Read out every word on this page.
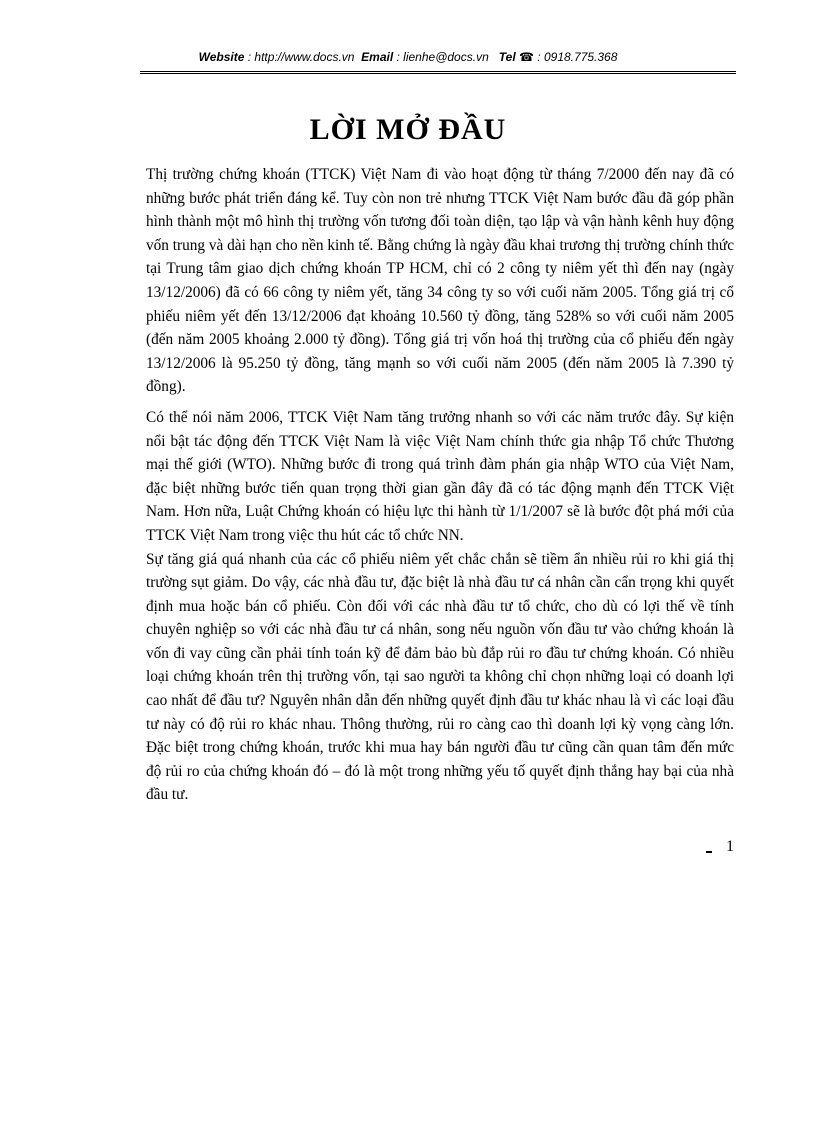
Website : http://www.docs.vn Email : lienhe@docs.vn Tel ☎ : 0918.775.368
LỜI MỞ ĐẦU

Thị trường chứng khoán (TTCK) Việt Nam đi vào hoạt động từ tháng 7/2000 đến nay đã có những bước phát triển đáng kể. Tuy còn non trẻ nhưng TTCK Việt Nam bước đầu đã góp phần hình thành một mô hình thị trường vốn tương đối toàn diện, tạo lập và vận hành kênh huy động vốn trung và dài hạn cho nền kinh tế. Bằng chứng là ngày đầu khai trương thị trường chính thức tại Trung tâm giao dịch chứng khoán TP HCM, chỉ có 2 công ty niêm yết thì đến nay (ngày 13/12/2006) đã có 66 công ty niêm yết, tăng 34 công ty so với cuối năm 2005. Tổng giá trị cổ phiếu niêm yết đến 13/12/2006 đạt khoảng 10.560 tỷ đồng, tăng 528% so với cuối năm 2005 (đến năm 2005 khoảng 2.000 tỷ đồng). Tổng giá trị vốn hoá thị trường của cổ phiếu đến ngày 13/12/2006 là 95.250 tỷ đồng, tăng mạnh so với cuối năm 2005 (đến năm 2005 là 7.390 tỷ đồng).

Có thể nói năm 2006, TTCK Việt Nam tăng trưởng nhanh so với các năm trước đây. Sự kiện nổi bật tác động đến TTCK Việt Nam là việc Việt Nam chính thức gia nhập Tổ chức Thương mại thế giới (WTO). Những bước đi trong quá trình đàm phán gia nhập WTO của Việt Nam, đặc biệt những bước tiến quan trọng thời gian gần đây đã có tác động mạnh đến TTCK Việt Nam. Hơn nữa, Luật Chứng khoán có hiệu lực thi hành từ 1/1/2007 sẽ là bước đột phá mới của TTCK Việt Nam trong việc thu hút các tổ chức NN.

Sự tăng giá quá nhanh của các cổ phiếu niêm yết chắc chắn sẽ tiềm ẩn nhiều rủi ro khi giá thị trường sụt giảm. Do vậy, các nhà đầu tư, đặc biệt là nhà đầu tư cá nhân cần cẩn trọng khi quyết định mua hoặc bán cổ phiếu. Còn đối với các nhà đầu tư tổ chức, cho dù có lợi thế về tính chuyên nghiệp so với các nhà đầu tư cá nhân, song nếu nguồn vốn đầu tư vào chứng khoán là vốn đi vay cũng cần phải tính toán kỹ để đảm bảo bù đắp rủi ro đầu tư chứng khoán. Có nhiều loại chứng khoán trên thị trường vốn, tại sao người ta không chỉ chọn những loại có doanh lợi cao nhất để đầu tư? Nguyên nhân dẫn đến những quyết định đầu tư khác nhau là vì các loại đầu tư này có độ rủi ro khác nhau. Thông thường, rủi ro càng cao thì doanh lợi kỳ vọng càng lớn. Đặc biệt trong chứng khoán, trước khi mua hay bán người đầu tư cũng cần quan tâm đến mức độ rủi ro của chứng khoán đó – đó là một trong những yếu tố quyết định thắng hay bại của nhà đầu tư.

1
